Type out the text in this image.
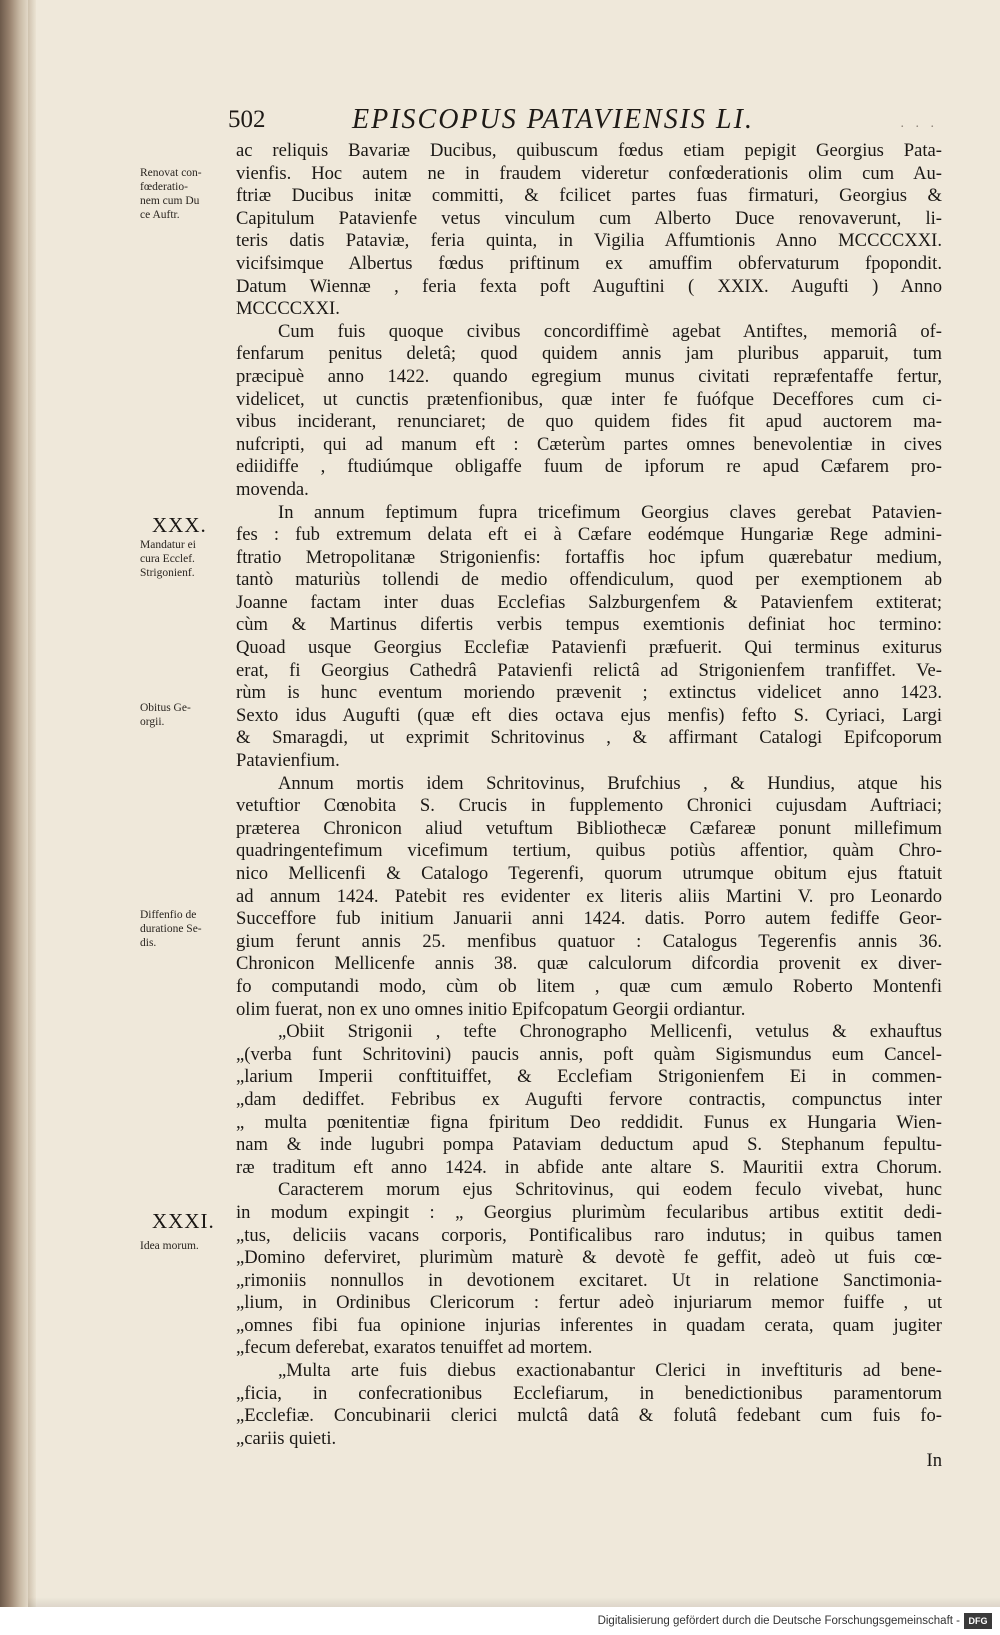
502	EPISCOPUS PATAVIENSIS LI.	. . .
Renovat con-
fœderatio-
nem cum Du
ce Auftr.
XXX.
Mandatur ei
cura Ecclef.
Strigonienf.
Obitus Ge-
orgii.
Diffenfio de
duratione Se-
dis.
XXXI.
Idea morum.
ac reliquis Bavariæ Ducibus, quibuscum fœdus etiam pepigit Georgius Pata-
vienfis. Hoc autem ne in fraudem videretur confœderationis olim cum Au-
ftriæ Ducibus initæ committi, & fcilicet partes fuas firmaturi, Georgius &
Capitulum Patavienfe vetus vinculum cum Alberto Duce renovaverunt, li-
teris datis Pataviæ, feria quinta, in Vigilia Affumtionis Anno MCCCCXXI.
vicifsimque Albertus fœdus priftinum ex amuffim obfervaturum fpopondit.
Datum Wiennæ , feria fexta poft Auguftini ( XXIX. Augufti ) Anno
MCCCCXXI.
Cum fuis quoque civibus concordiffimè agebat Antiftes, memoriâ of-
fenfarum penitus deletâ; quod quidem annis jam pluribus apparuit, tum
præcipuè anno 1422. quando egregium munus civitati repræfentaffe fertur,
videlicet, ut cunctis prætenfionibus, quæ inter fe fuófque Deceffores cum ci-
vibus inciderant, renunciaret; de quo quidem fides fit apud auctorem ma-
nufcripti, qui ad manum eft : Cæterùm partes omnes benevolentiæ in cives
ediidiffe , ftudiúmque obligaffe fuum de ipforum re apud Cæfarem pro-
movenda.
In annum feptimum fupra tricefimum Georgius claves gerebat Patavien-
fes : fub extremum delata eft ei à Cæfare eodémque Hungariæ Rege admini-
ftratio Metropolitanæ Strigonienfis: fortaffis hoc ipfum quærebatur medium,
tantò maturiùs tollendi de medio offendiculum, quod per exemptionem ab
Joanne factam inter duas Ecclefias Salzburgenfem & Patavienfem extiterat;
cùm & Martinus difertis verbis tempus exemtionis definiat hoc termino:
Quoad usque Georgius Ecclefiæ Patavienfi præfuerit. Qui terminus exiturus
erat, fi Georgius Cathedrâ Patavienfi relictâ ad Strigonienfem tranfiffet. Ve-
rùm is hunc eventum moriendo prævenit ; extinctus videlicet anno 1423.
Sexto idus Augufti (quæ eft dies octava ejus menfis) fefto S. Cyriaci, Largi
& Smaragdi, ut exprimit Schritovinus , & affirmant Catalogi Epifcoporum
Patavienfium.
Annum mortis idem Schritovinus, Brufchius , & Hundius, atque his
vetuftior Cœnobita S. Crucis in fupplemento Chronici cujusdam Auftriaci;
præterea Chronicon aliud vetuftum Bibliothecæ Cæfareæ ponunt millefimum
quadringentefimum vicefimum tertium, quibus potiùs affentior, quàm Chro-
nico Mellicenfi & Catalogo Tegerenfi, quorum utrumque obitum ejus ftatuit
ad annum 1424. Patebit res evidenter ex literis aliis Martini V. pro Leonardo
Succeffore fub initium Januarii anni 1424. datis. Porro autem fediffe Geor-
gium ferunt annis 25. menfibus quatuor : Catalogus Tegerenfis annis 36.
Chronicon Mellicenfe annis 38. quæ calculorum difcordia provenit ex diver-
fo computandi modo, cùm ob litem , quæ cum æmulo Roberto Montenfi
olim fuerat, non ex uno omnes initio Epifcopatum Georgii ordiantur.
„Obiit Strigonii , tefte Chronographo Mellicenfi, vetulus & exhauftus
„(verba funt Schritovini) paucis annis, poft quàm Sigismundus eum Cancel-
„larium Imperii conftituiffet, & Ecclefiam Strigonienfem Ei in commen-
„dam dediffet. Febribus ex Augufti fervore contractis, compunctus inter
„ multa pœnitentiæ figna fpiritum Deo reddidit. Funus ex Hungaria Wien-
nam & inde lugubri pompa Pataviam deductum apud S. Stephanum fepultu-
ræ traditum eft anno 1424. in abfide ante altare S. Mauritii extra Chorum.
Caracterem morum ejus Schritovinus, qui eodem feculo vivebat, hunc
in modum expingit : „ Georgius plurimùm fecularibus artibus extitit dedi-
„tus, deliciis vacans corporis, Pontificalibus raro indutus; in quibus tamen
„Domino deferviret, plurimùm maturè & devotè fe geffit, adeò ut fuis cœ-
„rimoniis nonnullos in devotionem excitaret. Ut in relatione Sanctimonia-
„lium, in Ordinibus Clericorum : fertur adeò injuriarum memor fuiffe , ut
„omnes fibi fua opinione injurias inferentes in quadam cerata, quam jugiter
„fecum deferebat, exaratos tenuiffet ad mortem.
„Multa arte fuis diebus exactionabantur Clerici in inveftituris ad bene-
„ficia, in confecrationibus Ecclefiarum, in benedictionibus paramentorum
„Ecclefiæ. Concubinarii clerici mulctâ datâ & folutâ fedebant cum fuis fo-
„cariis quieti.
In
Digitalisierung gefördert durch die Deutsche Forschungsgemeinschaft - DFG
